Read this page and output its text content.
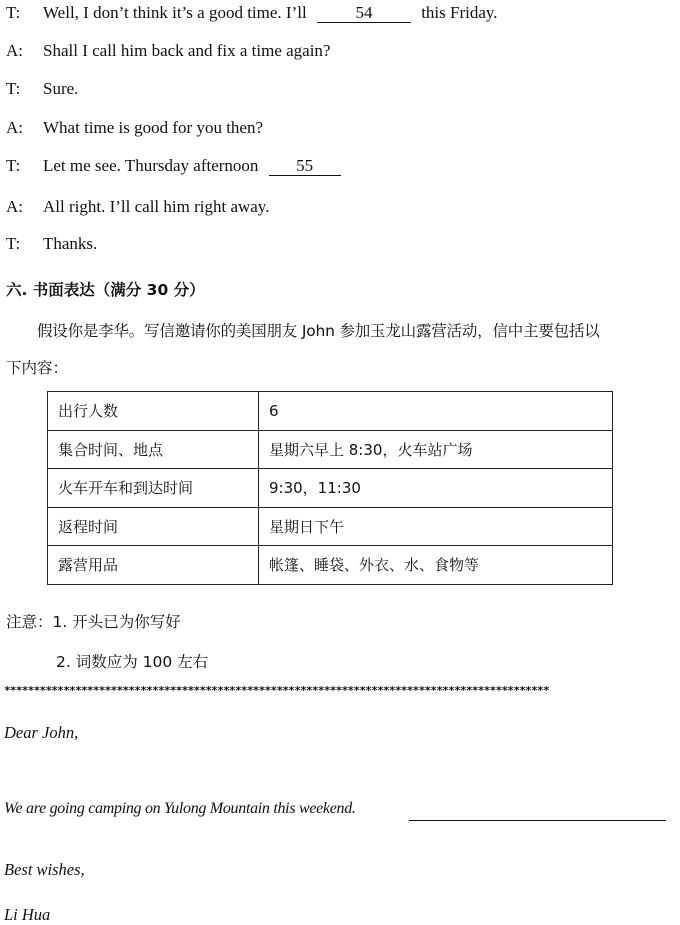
T: Well, I don’t think it’s a good time. I’ll	54	this Friday.
A: Shall I call him back and fix a time again?
T: Sure.
A: What time is good for you then?
T: Let me see. Thursday afternoon 55
A: All right. I’ll call him right away.
T: Thanks.
六. 书面表达（满分 30 分）
假设你是李华。写信邀请你的美国朋友 John 参加玉龙山露营活动，信中主要包括以
下内容：
出行人数	6
集合时间、地点	星期六早上 8:30，火车站广场
火车开车和到达时间	9:30，11:30
返程时间	星期日下午
露营用品	帐篷、睡袋、外衣、水、食物等
注意：1. 开头已为你写好
2. 词数应为 100 左右
********************************************************************************************
Dear John,
We are going camping on Yulong Mountain this weekend.
Best wishes,
Li Hua
